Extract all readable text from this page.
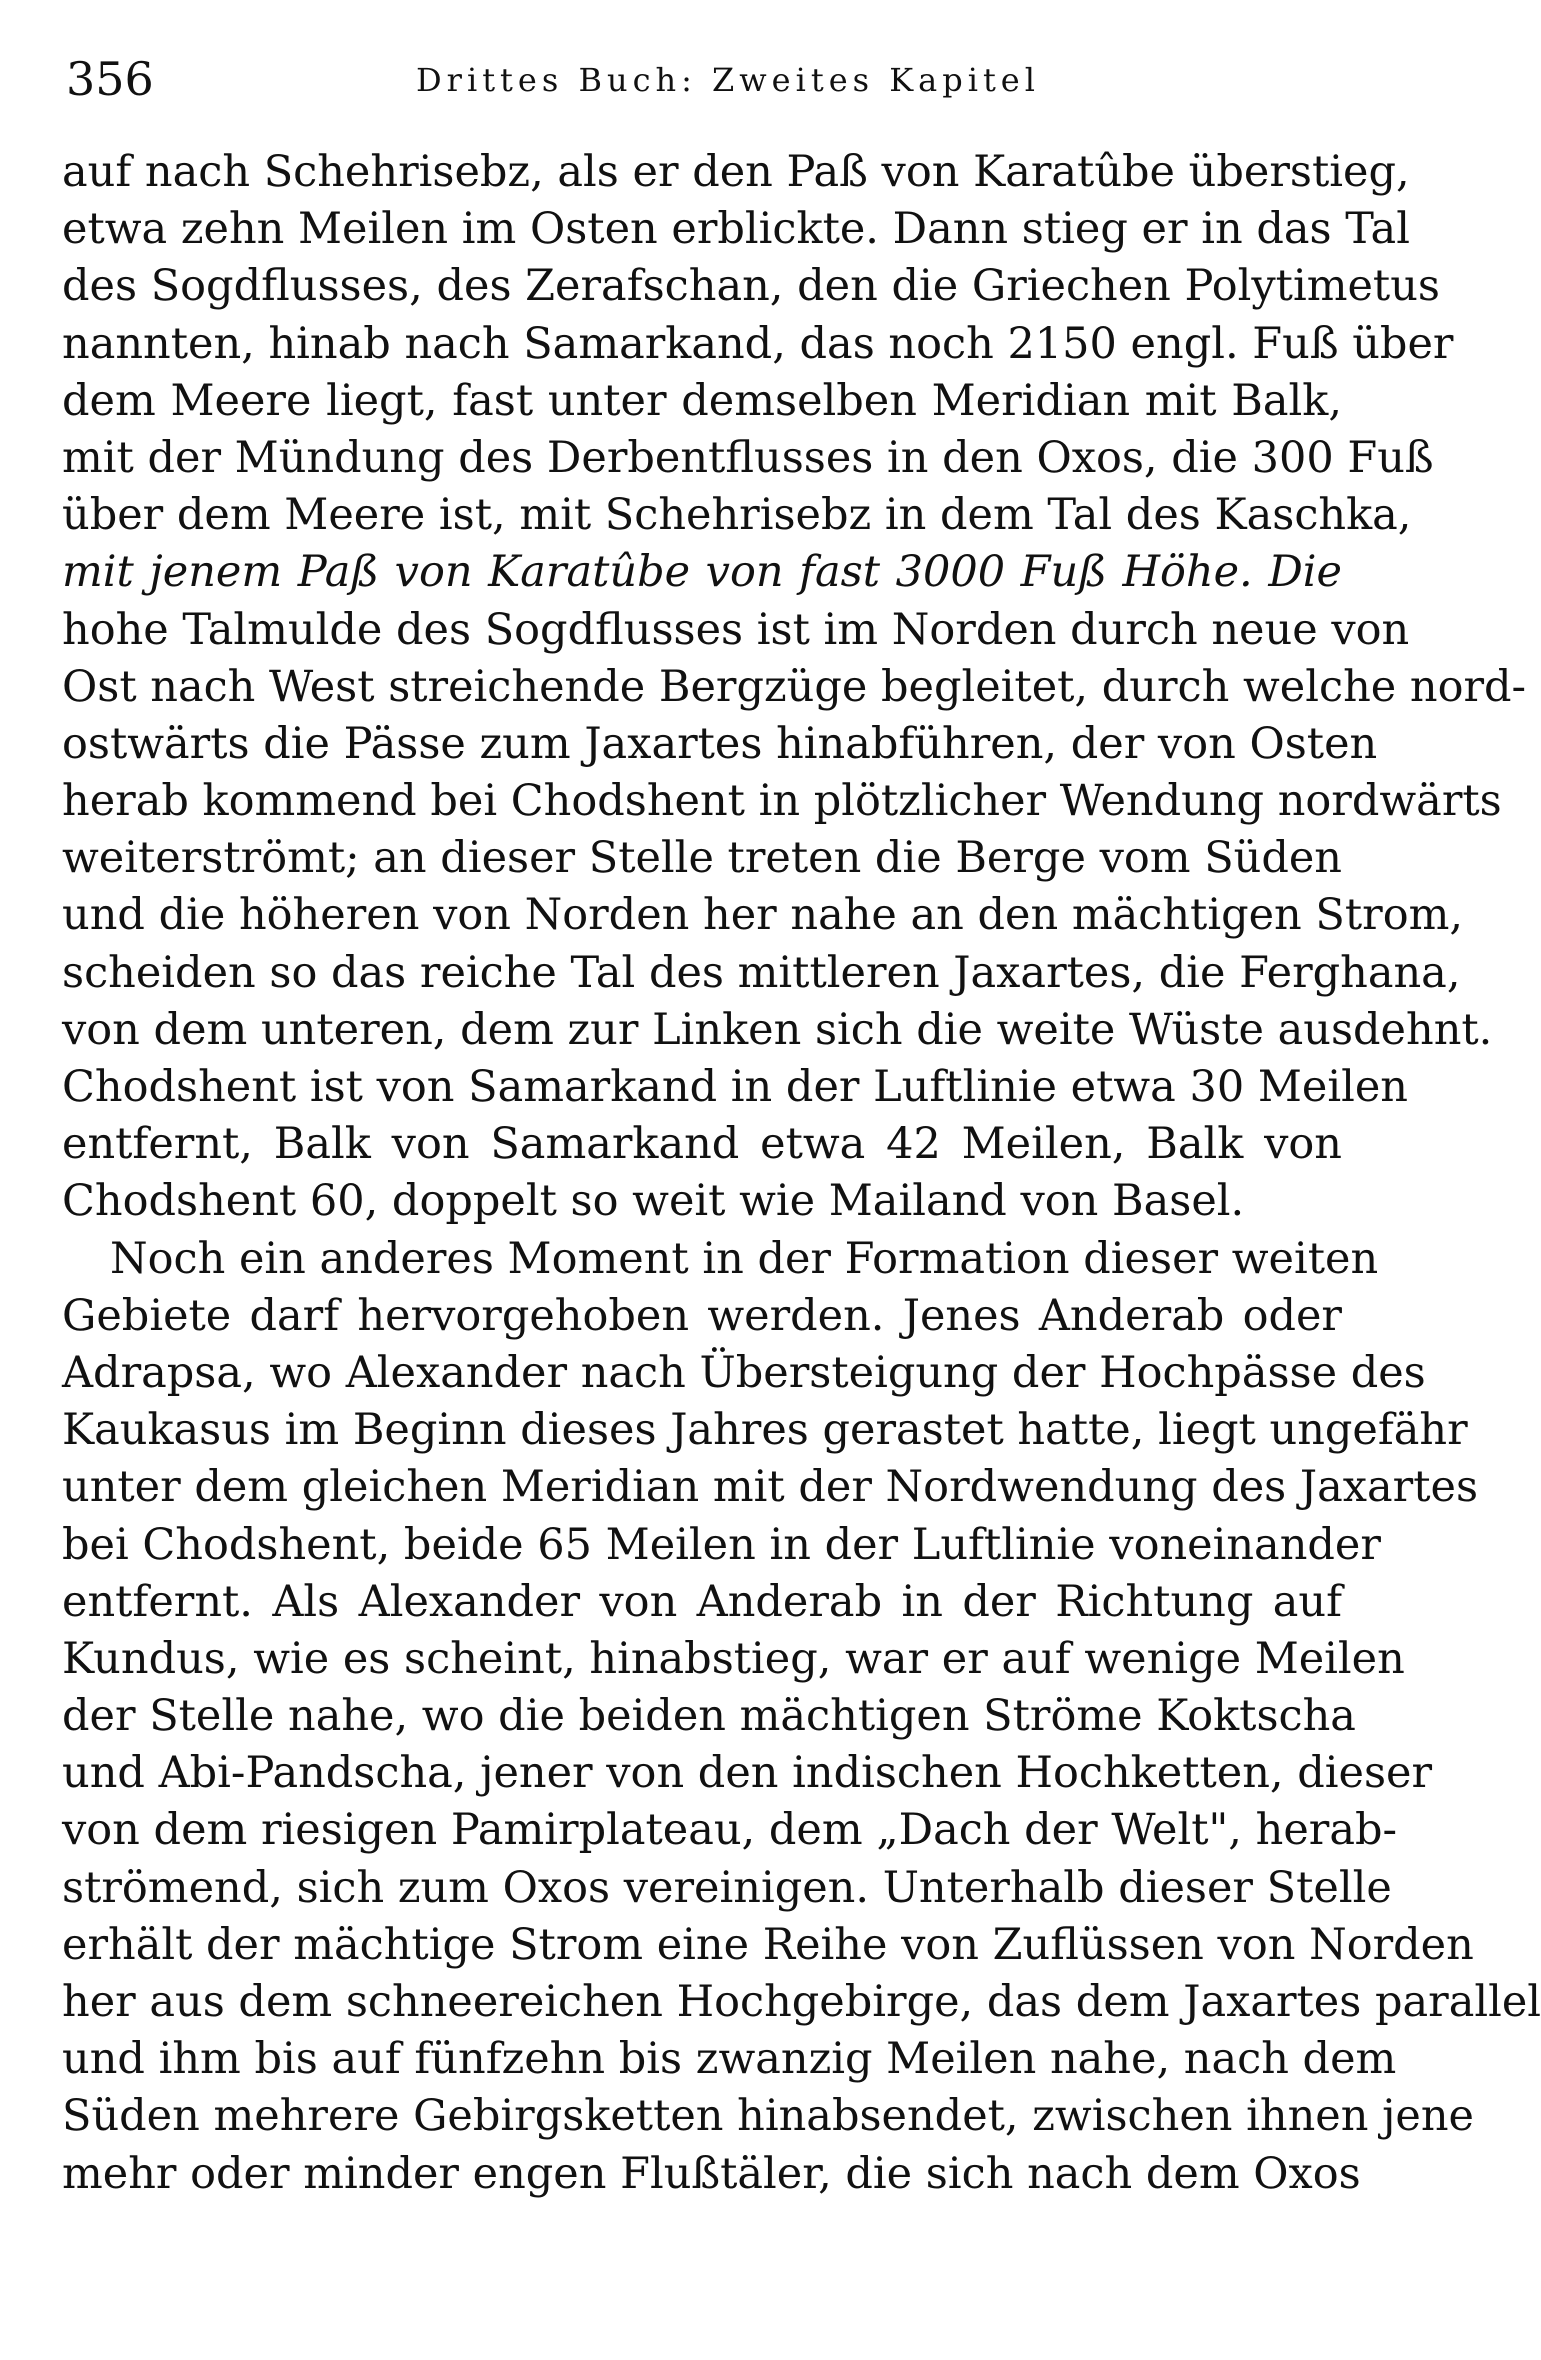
356	Drittes Buch: Zweites Kapitel
auf nach Schehrisebz, als er den Paß von Karatûbe überstieg,
etwa zehn Meilen im Osten erblickte. Dann stieg er in das Tal
des Sogdflusses, des Zerafschan, den die Griechen Polytimetus
nannten, hinab nach Samarkand, das noch 2150 engl. Fuß über
dem Meere liegt, fast unter demselben Meridian mit Balk,
mit der Mündung des Derbentflusses in den Oxos, die 300 Fuß
über dem Meere ist, mit Schehrisebz in dem Tal des Kaschka,
mit jenem Paß von Karatûbe von fast 3000 Fuß Höhe. Die
hohe Talmulde des Sogdflusses ist im Norden durch neue von
Ost nach West streichende Bergzüge begleitet, durch welche nord-
ostwärts die Pässe zum Jaxartes hinabführen, der von Osten
herab kommend bei Chodshent in plötzlicher Wendung nordwärts
weiterströmt; an dieser Stelle treten die Berge vom Süden
und die höheren von Norden her nahe an den mächtigen Strom,
scheiden so das reiche Tal des mittleren Jaxartes, die Ferghana,
von dem unteren, dem zur Linken sich die weite Wüste ausdehnt.
Chodshent ist von Samarkand in der Luftlinie etwa 30 Meilen
entfernt, Balk von Samarkand etwa 42 Meilen, Balk von
Chodshent 60, doppelt so weit wie Mailand von Basel.
Noch ein anderes Moment in der Formation dieser weiten
Gebiete darf hervorgehoben werden. Jenes Anderab oder
Adrapsa, wo Alexander nach Übersteigung der Hochpässe des
Kaukasus im Beginn dieses Jahres gerastet hatte, liegt ungefähr
unter dem gleichen Meridian mit der Nordwendung des Jaxartes
bei Chodshent, beide 65 Meilen in der Luftlinie voneinander
entfernt. Als Alexander von Anderab in der Richtung auf
Kundus, wie es scheint, hinabstieg, war er auf wenige Meilen
der Stelle nahe, wo die beiden mächtigen Ströme Koktscha
und Abi-Pandscha, jener von den indischen Hochketten, dieser
von dem riesigen Pamirplateau, dem „Dach der Welt", herab-
strömend, sich zum Oxos vereinigen. Unterhalb dieser Stelle
erhält der mächtige Strom eine Reihe von Zuflüssen von Norden
her aus dem schneereichen Hochgebirge, das dem Jaxartes parallel
und ihm bis auf fünfzehn bis zwanzig Meilen nahe, nach dem
Süden mehrere Gebirgsketten hinabsendet, zwischen ihnen jene
mehr oder minder engen Flußtäler, die sich nach dem Oxos
